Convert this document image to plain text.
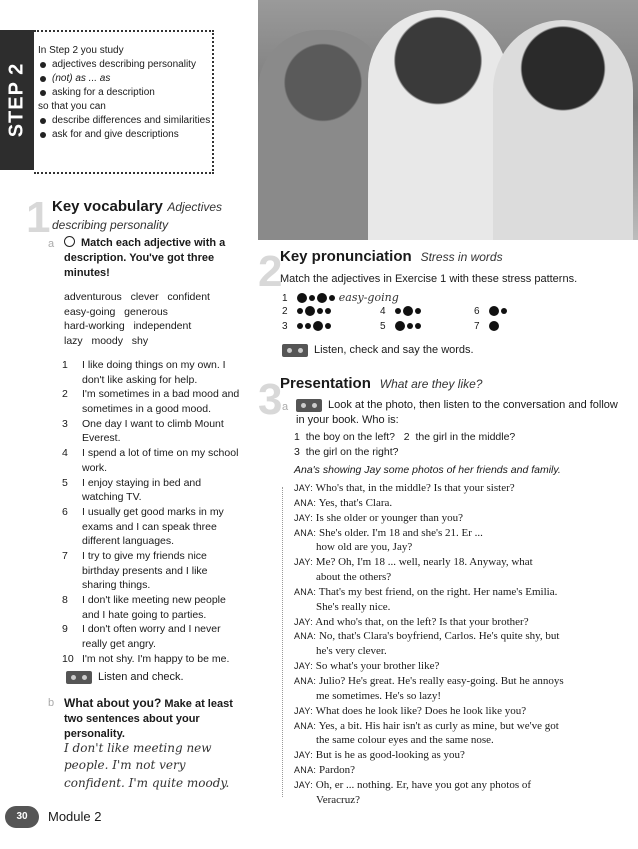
STEP 2

In Step 2 you study

adjectives describing personality
(not) as ... as
asking for a description

so that you can

describe differences and similarities
ask for and give descriptions
1 Key vocabulary Adjectives describing personality
a	Match each adjective with a description. You've got three minutes!
adventurous clever confident
easy-going generous
hard-working independent
lazy moody shy
1	I like doing things on my own. I don't like asking for help.
2	I'm sometimes in a bad mood and sometimes in a good mood.
3	One day I want to climb Mount Everest.
4	I spend a lot of time on my school work.
5	I enjoy staying in bed and watching TV.
6	I usually get good marks in my exams and I can speak three different languages.
7	I try to give my friends nice birthday presents and I like sharing things.
8	I don't like meeting new people and I hate going to parties.
9	I don't often worry and I never really get angry.
10 I'm not shy. I'm happy to be me.
Listen and check.
b What about you? Make at least two sentences about your personality.
I don't like meeting new people. I'm not very confident. I'm quite moody.
2
Key pronunciation Stress in words
Match the adjectives in Exercise 1 with these stress patterns.
1	easy-going
2
3
4
5
6
7
Listen, check and say the words.
3
Presentation What are they like?
a	Look at the photo, then listen to the conversation and follow in your book. Who is:
1 the boy on the left? 2 the girl in the middle?
3 the girl on the right?
Ana's showing Jay some photos of her friends and family.
JAY: Who's that, in the middle? Is that your sister?
ANA: Yes, that's Clara.
JAY: Is she older or younger than you?
ANA: She's older. I'm 18 and she's 21. Er ...
how old are you, Jay?
JAY: Me? Oh, I'm 18 ... well, nearly 18. Anyway, what
about the others?
ANA: That's my best friend, on the right. Her name's Emilia.
She's really nice.
JAY: And who's that, on the left? Is that your brother?
ANA: No, that's Clara's boyfriend, Carlos. He's quite shy, but
he's very clever.
JAY: So what's your brother like?
ANA: Julio? He's great. He's really easy-going. But he annoys
me sometimes. He's so lazy!
JAY: What does he look like? Does he look like you?
ANA: Yes, a bit. His hair isn't as curly as mine, but we've got
the same colour eyes and the same nose.
JAY: But is he as good-looking as you?
ANA: Pardon?
JAY: Oh, er ... nothing. Er, have you got any photos of
Veracruz?
30	Module 2
